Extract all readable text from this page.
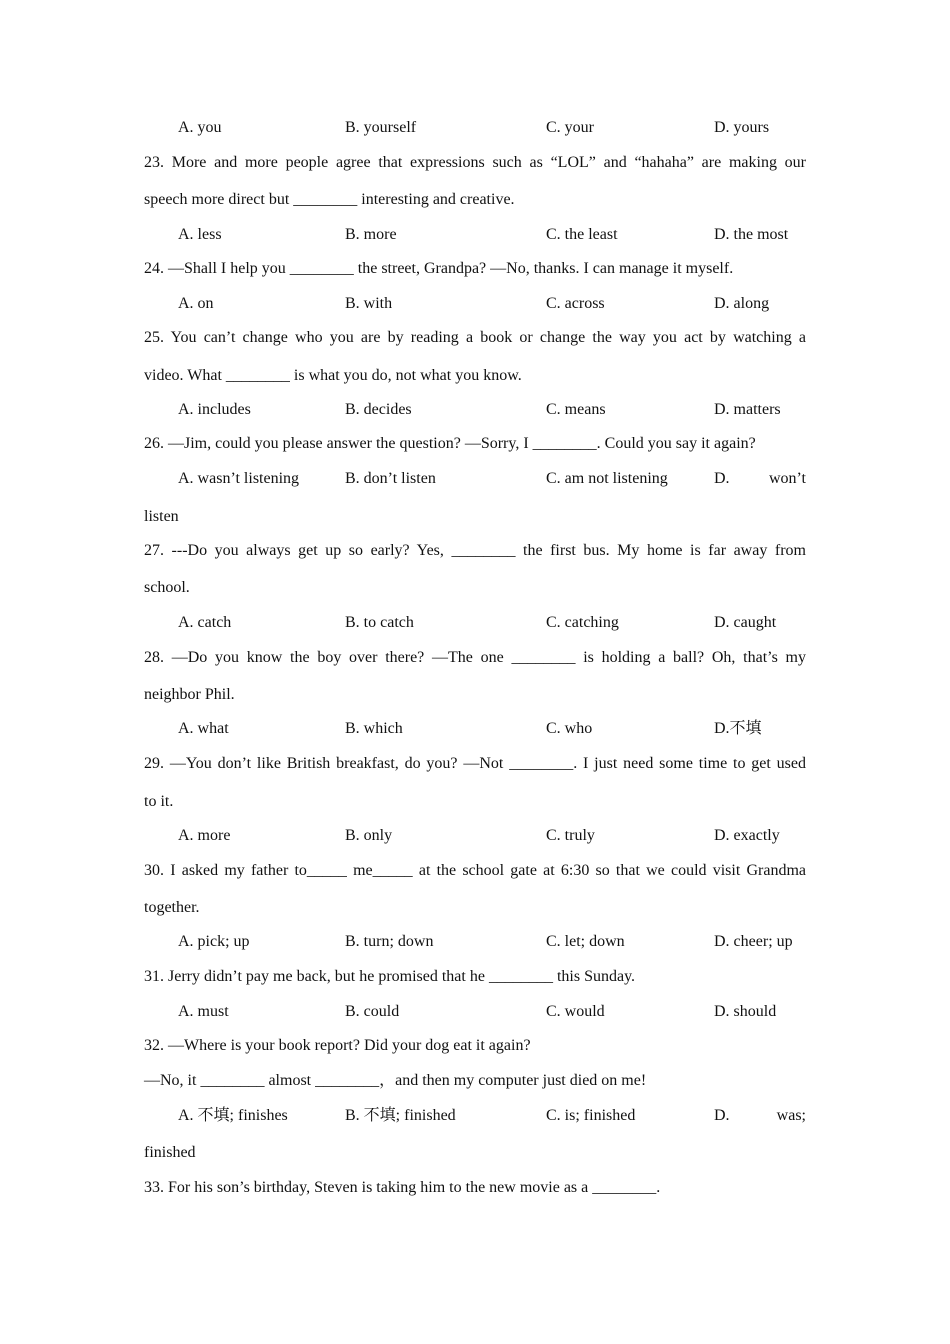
A. you	B. yourself	C. your	D. yours
23. More and more people agree that expressions such as “LOL” and “hahaha” are making our
speech more direct but ________ interesting and creative.
A. less	B. more	C. the least	D. the most
24. —Shall I help you ________ the street, Grandpa? —No, thanks. I can manage it myself.
A. on	B. with	C. across	D. along
25. You can’t change who you are by reading a book or change the way you act by watching a
video. What ________ is what you do, not what you know.
A. includes	B. decides	C. means	D. matters
26. —Jim, could you please answer the question? —Sorry, I ________. Could you say it again?
A. wasn’t listening	B. don’t listen	C. am not listening	D. won’t
listen
27. ---Do you always get up so early? Yes, ________ the first bus. My home is far away from
school.
A. catch	B. to catch	C. catching	D. caught
28. —Do you know the boy over there? —The one ________ is holding a ball? Oh, that’s my
neighbor Phil.
A. what	B. which	C. who	D.不填
29. —You don’t like British breakfast, do you? —Not ________. I just need some time to get used
to it.
A. more	B. only	C. truly	D. exactly
30. I asked my father to_____ me_____ at the school gate at 6:30 so that we could visit Grandma
together.
A. pick; up	B. turn; down	C. let; down	D. cheer; up
31. Jerry didn’t pay me back, but he promised that he ________ this Sunday.
A. must	B. could	C. would	D. should
32. —Where is your book report? Did your dog eat it again?
—No, it ________ almost ________，and then my computer just died on me!
A. 不填; finishes	B. 不填; finished	C. is; finished	D. was;
finished
33. For his son’s birthday, Steven is taking him to the new movie as a ________.
